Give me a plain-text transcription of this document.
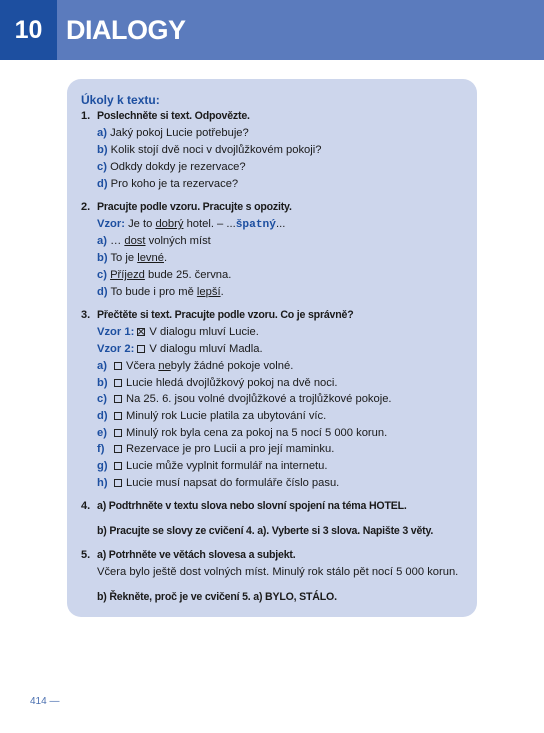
10 DIALOGY
Úkoly k textu:
1. Poslechněte si text. Odpovězte.
a) Jaký pokoj Lucie potřebuje?
b) Kolik stojí dvě noci v dvojlůžkovém pokoji?
c) Odkdy dokdy je rezervace?
d) Pro koho je ta rezervace?
2. Pracujte podle vzoru. Pracujte s opozity.
Vzor: Je to dobrý hotel. – ...špatný...
a) … dost volných míst
b) To je levné.
c) Příjezd bude 25. června.
d) To bude i pro mě lepší.
3. Přečtěte si text. Pracujte podle vzoru. Co je správně?
Vzor 1: V dialogu mluví Lucie.
Vzor 2: V dialogu mluví Madla.
a) Včera nebyly žádné pokoje volné.
b) Lucie hledá dvojlůžkový pokoj na dvě noci.
c) Na 25. 6. jsou volné dvojlůžkové a trojlůžkové pokoje.
d) Minulý rok Lucie platila za ubytování víc.
e) Minulý rok byla cena za pokoj na 5 nocí 5 000 korun.
f) Rezervace je pro Lucii a pro její maminku.
g) Lucie může vyplnit formulář na internetu.
h) Lucie musí napsat do formuláře číslo pasu.
4. a) Podtrhněte v textu slova nebo slovní spojení na téma HOTEL.
b) Pracujte se slovy ze cvičení 4. a). Vyberte si 3 slova. Napište 3 věty.
5. a) Potrhněte ve větách slovesa a subjekt.
Včera bylo ještě dost volných míst. Minulý rok stálo pět nocí 5 000 korun.
b) Řekněte, proč je ve cvičení 5. a) BYLO, STÁLO.
414 —
